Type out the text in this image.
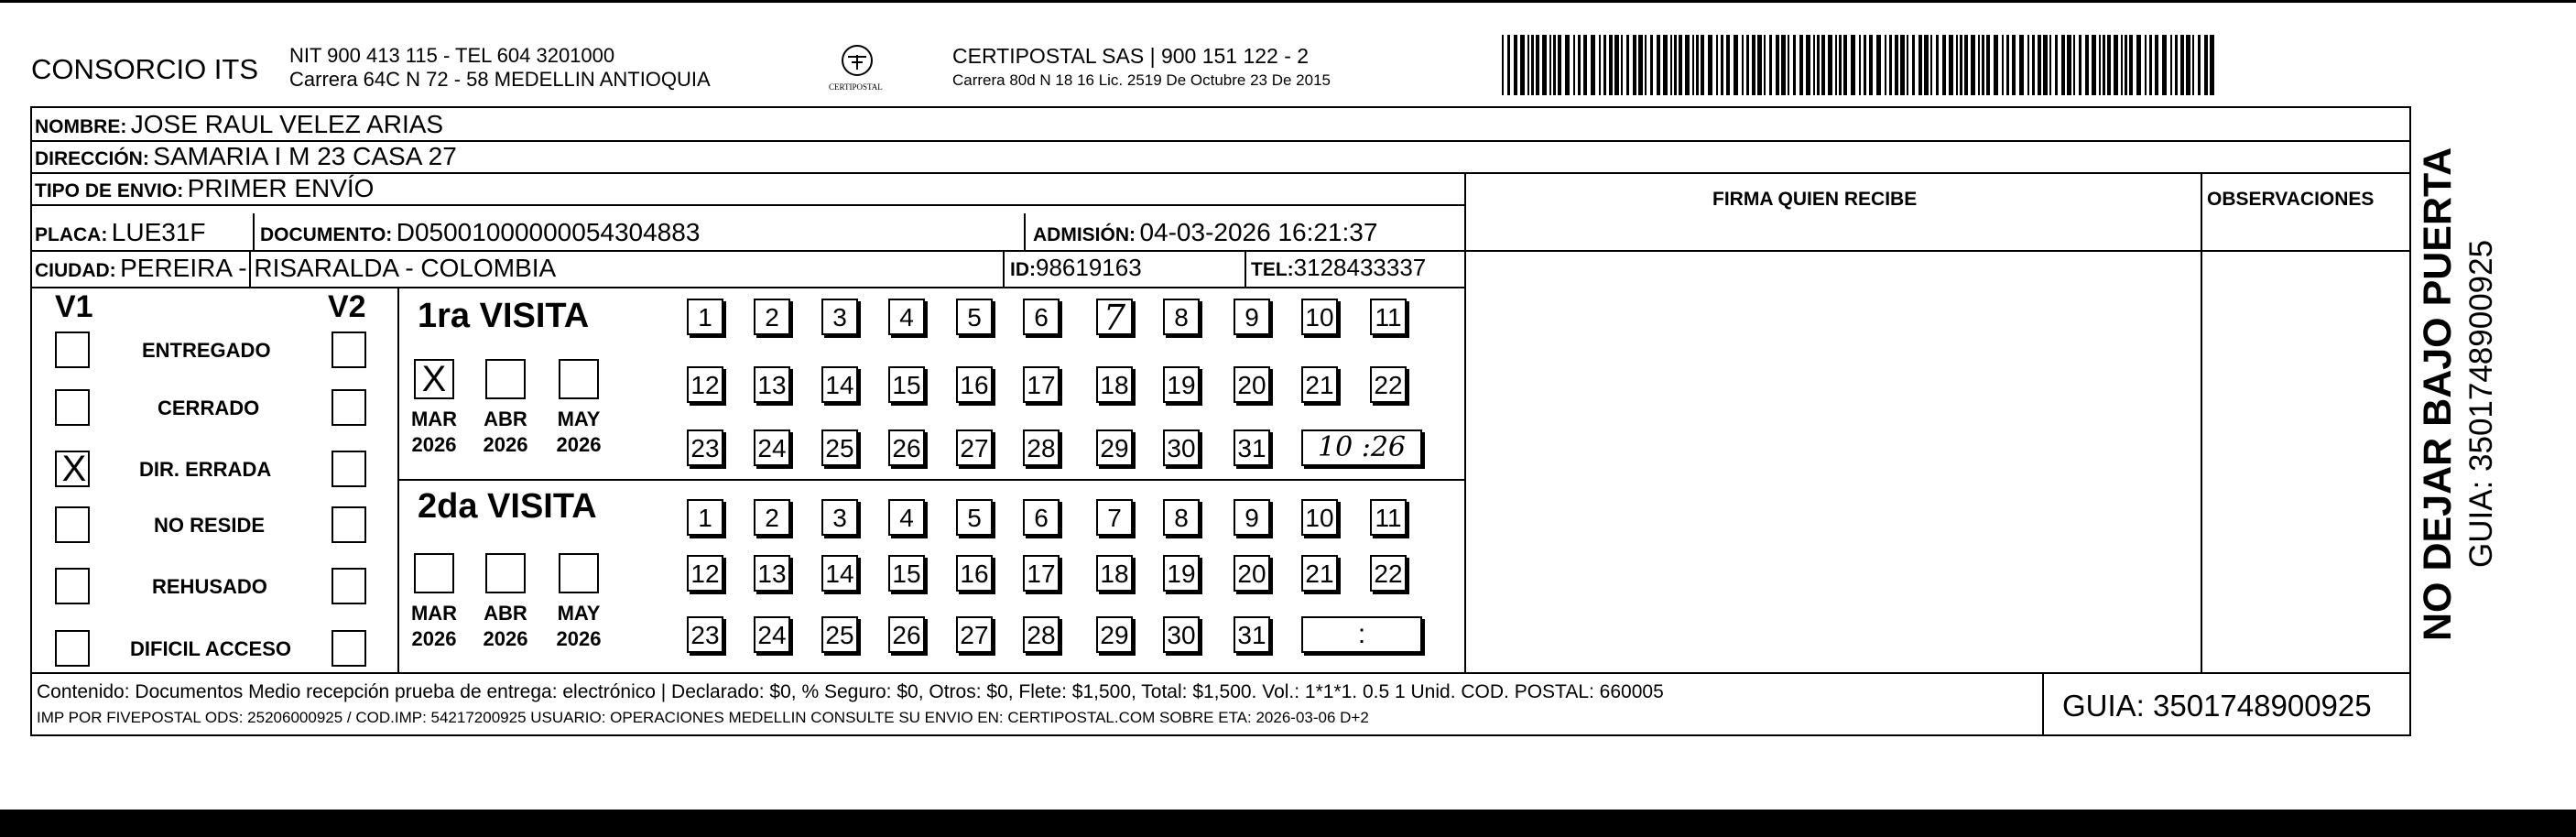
CONSORCIO ITS NIT 900 413 115 - TEL 604 3201000
Carrera 64C N 72 - 58 MEDELLIN ANTIOQUIA	CERTIPOSTAL
CERTIPOSTAL SAS | 900 151 122 - 2
Carrera 80d N 18 16 Lic. 2519 De Octubre 23 De 2015
NOMBRE: JOSE RAUL VELEZ ARIAS
DIRECCIÓN: SAMARIA I M 23 CASA 27
TIPO DE ENVIO: PRIMER ENVÍO	FIRMA QUIEN RECIBE	OBSERVACIONES
PLACA: LUE31F	DOCUMENTO: D05001000000054304883	ADMISIÓN: 04-03-2026 16:21:37
CIUDAD: PEREIRA - RISARALDA - COLOMBIA	ID:98619163	TEL:3128433337
V1	V2
ENTREGADO
CERRADO
X	DIR. ERRADA
NO RESIDE
REHUSADO
DIFICIL ACCESO
1ra VISITA
X
MAR
2026
ABR
2026
MAY
2026
1	2	3	4	5	6	7	8	9	10 11
12 13 14 15 16 17 18 19 20 21 22
23 24 25 26 27 28 29 30 31	10 :26
2da VISITA
MAR
2026
ABR
2026
MAY
2026
1	2	3	4	5	6	7	8	9	10 11
12 13 14 15 16 17 18 19 20 21 22
23 24 25 26 27 28 29 30 31	:
Contenido: Documentos Medio recepción prueba de entrega: electrónico | Declarado: $0, % Seguro: $0, Otros: $0, Flete: $1,500, Total: $1,500. Vol.: 1*1*1. 0.5 1 Unid. COD. POSTAL: 660005
IMP POR FIVEPOSTAL ODS: 25206000925 / COD.IMP: 54217200925 USUARIO: OPERACIONES MEDELLIN CONSULTE SU ENVIO EN: CERTIPOSTAL.COM SOBRE ETA: 2026-03-06 D+2	GUIA: 3501748900925
NO DEJAR BAJO PUERTA GUIA: 3501748900925
